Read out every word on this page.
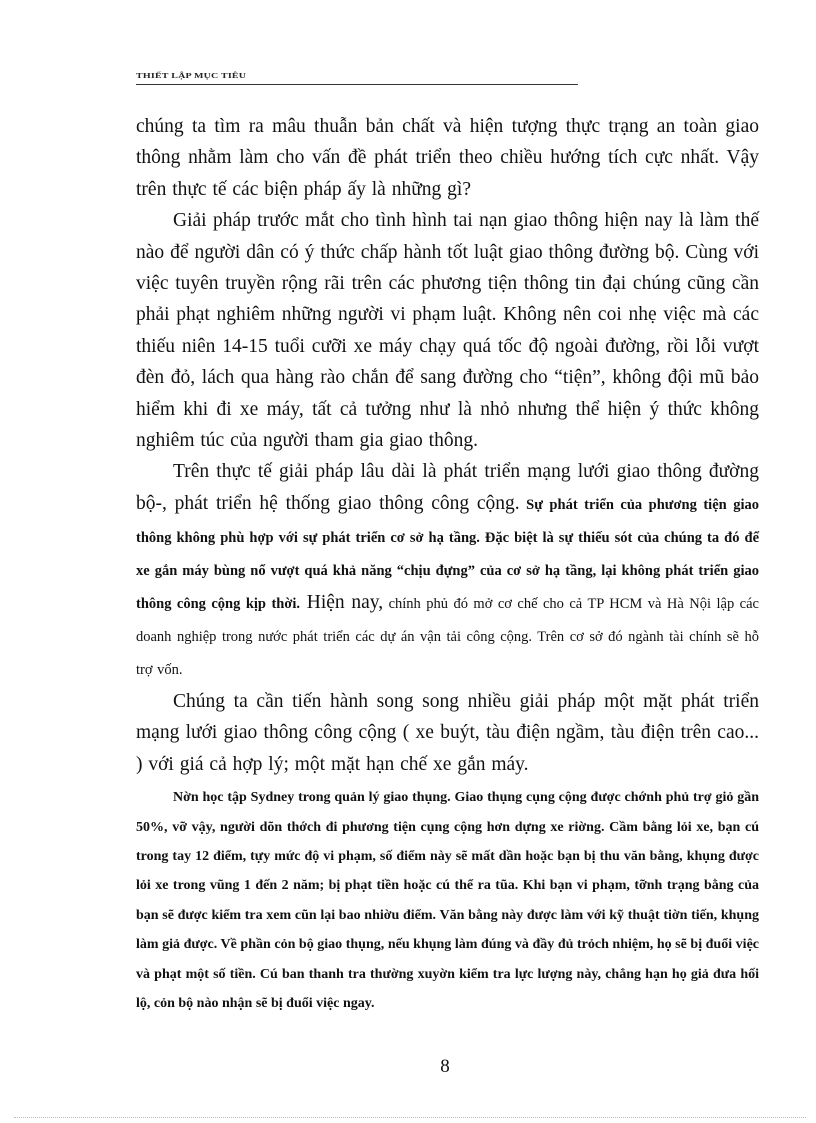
THIẾT LẬP MỤC TIÊU

chúng ta tìm ra mâu thuẫn bản chất và hiện tượng thực trạng an toàn giao thông nhằm làm cho vấn đề phát triển theo chiều hướng tích cực nhất. Vậy trên thực tế các biện pháp ấy là những gì?

Giải pháp trước mắt cho tình hình tai nạn giao thông hiện nay là làm thế nào để người dân có ý thức chấp hành tốt luật giao thông đường bộ. Cùng với việc tuyên truyền rộng rãi trên các phương tiện thông tin đại chúng cũng cần phải phạt nghiêm những người vi phạm luật. Không nên coi nhẹ việc mà các thiếu niên 14-15 tuổi cưỡi xe máy chạy quá tốc độ ngoài đường, rồi lỗi vượt đèn đỏ, lách qua hàng rào chắn để sang đường cho “tiện”, không đội mũ bảo hiểm khi đi xe máy, tất cả tưởng như là nhỏ nhưng thể hiện ý thức không nghiêm túc của người tham gia giao thông.

Trên thực tế giải pháp lâu dài là phát triển mạng lưới giao thông đường bộ-, phát triển hệ thống giao thông công cộng. Sự phát triển của phương tiện giao thông không phù hợp với sự phát triển cơ sở hạ tầng. Đặc biệt là sự thiếu sót của chúng ta đó để xe gắn máy bùng nổ vượt quá khả năng “chịu đựng” của cơ sở hạ tầng, lại không phát triển giao thông công cộng kịp thời. Hiện nay, chính phủ đó mở cơ chế cho cả TP HCM và Hà Nội lập các doanh nghiệp trong nước phát triển các dự án vận tải công cộng. Trên cơ sở đó ngành tài chính sẽ hỗ trợ vốn.

Chúng ta cần tiến hành song song nhiều giải pháp một mặt phát triển mạng lưới giao thông công cộng ( xe buýt, tàu điện ngầm, tàu điện trên cao... ) với giá cả hợp lý; một mặt hạn chế xe gắn máy.

Nờn học tập Sydney trong quản lý giao thụng. Giao thụng cụng cộng được chớnh phủ trợ giỏ gần 50%, vỡ vậy, người dõn thớch đi phương tiện cụng cộng hơn dựng xe riờng. Cầm bằng lỏi xe, bạn cú trong tay 12 điểm, tựy mức độ vi phạm, số điểm này sẽ mất dần hoặc bạn bị thu văn bằng, khụng được lỏi xe trong vũng 1 đến 2 năm; bị phạt tiền hoặc cú thể ra tũa. Khi bạn vi phạm, tỡnh trạng bằng của bạn sẽ được kiểm tra xem cũn lại bao nhiờu điểm. Văn bằng này được làm với kỹ thuật tiờn tiến, khụng làm giả được. Về phần cỏn bộ giao thụng, nếu khụng làm đúng và đầy đủ trỏch nhiệm, họ sẽ bị đuổi việc và phạt một số tiền. Cú ban thanh tra thường xuyờn kiểm tra lực lượng này, chẳng hạn họ giả đưa hối lộ, cỏn bộ nào nhận sẽ bị đuổi việc ngay.

8
